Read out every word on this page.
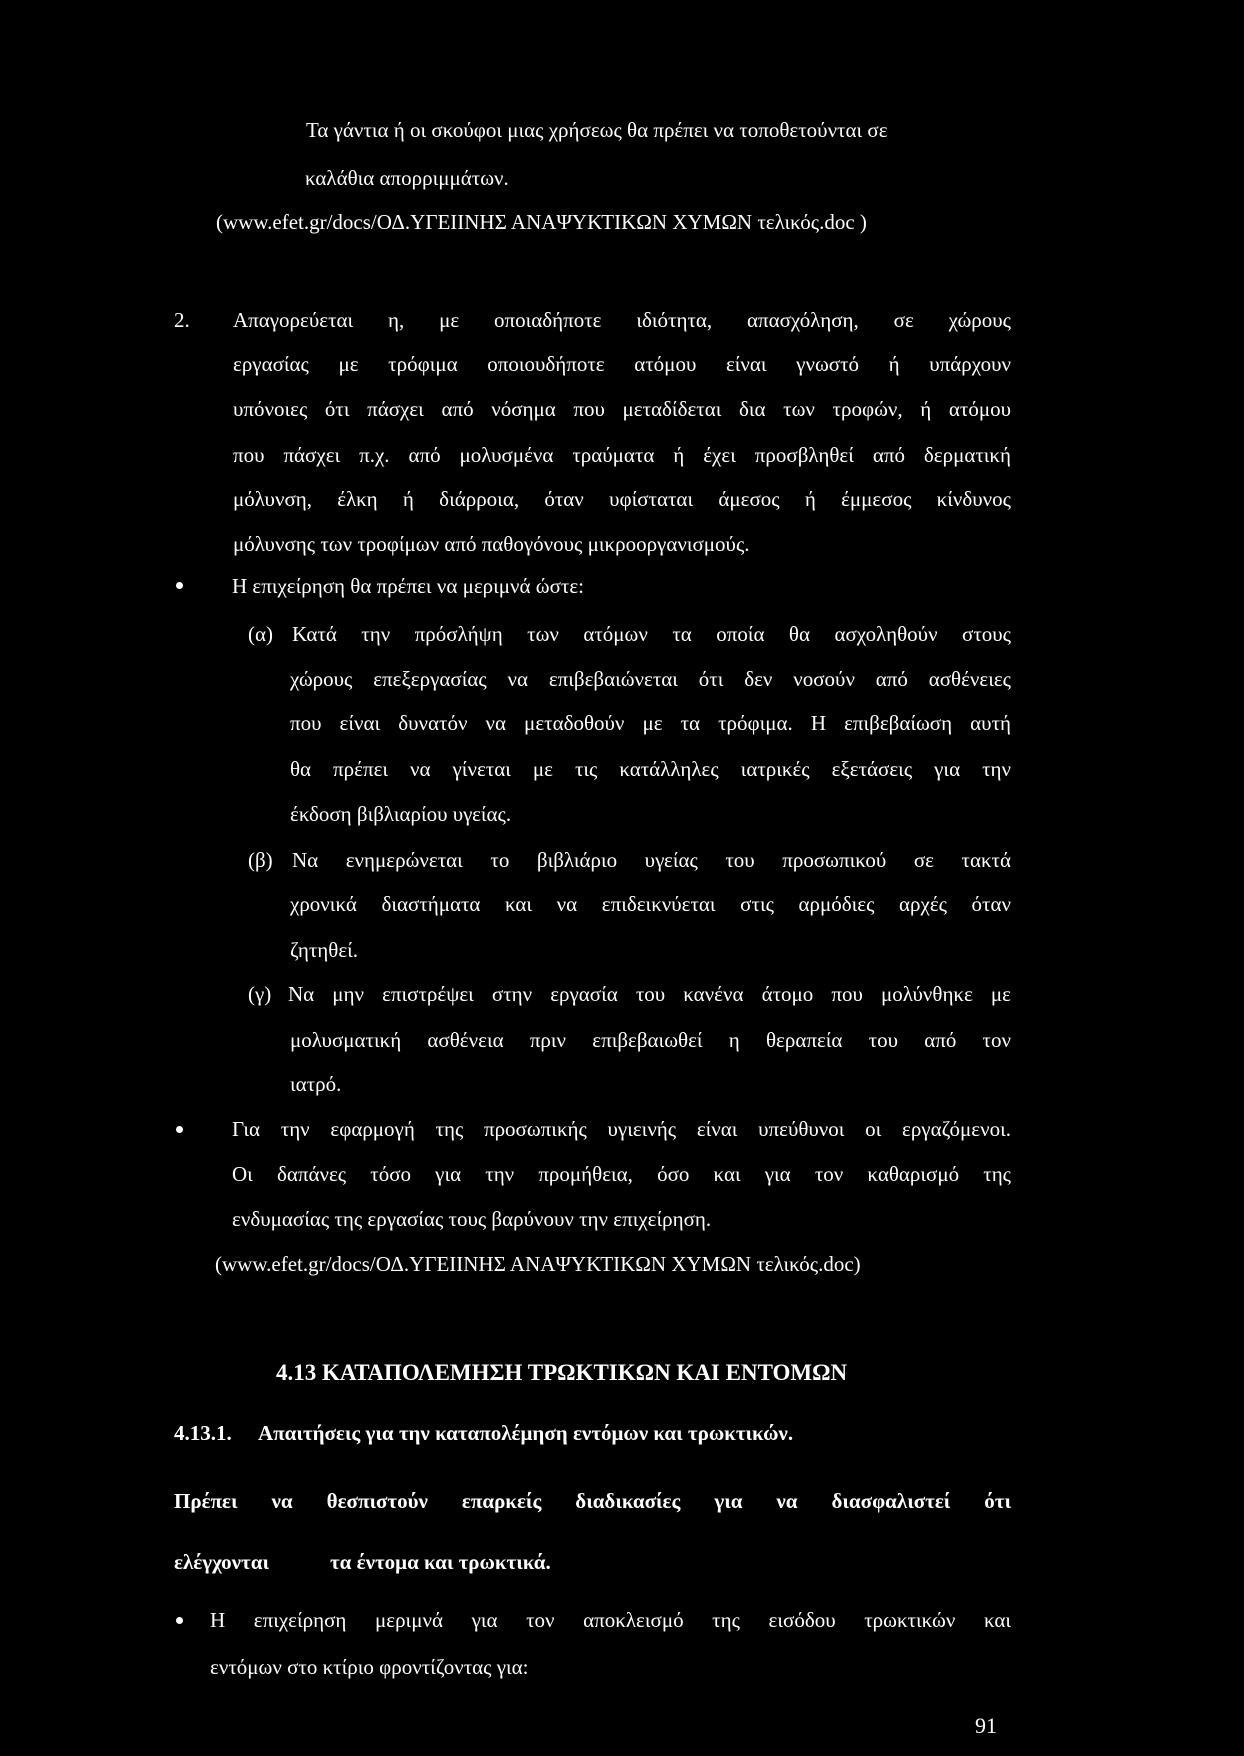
Τα γάντια ή οι σκούφοι μιας χρήσεως θα πρέπει να τοποθετούνται σε
καλάθια απορριμμάτων.
(www.efet.gr/docs/ΟΔ.ΥΓΕΙΙΝΗΣ ΑΝΑΨΥΚΤΙΚΩΝ ΧΥΜΩΝ τελικός.doc )
2. Απαγορεύεται η, με οποιαδήποτε ιδιότητα, απασχόληση, σε χώρους
εργασίας με τρόφιμα οποιουδήποτε ατόμου είναι γνωστό ή υπάρχουν
υπόνοιες ότι πάσχει από νόσημα που μεταδίδεται δια των τροφών, ή ατόμου
που πάσχει π.χ. από μολυσμένα τραύματα ή έχει προσβληθεί από δερματική
μόλυνση, έλκη ή διάρροια, όταν υφίσταται άμεσος ή έμμεσος κίνδυνος
μόλυνσης των τροφίμων από παθογόνους μικροοργανισμούς.
Η επιχείρηση θα πρέπει να μεριμνά ώστε:
(α) Κατά την πρόσλήψη των ατόμων τα οποία θα ασχοληθούν στους
χώρους επεξεργασίας να επιβεβαιώνεται ότι δεν νοσούν από ασθένειες
που είναι δυνατόν να μεταδοθούν με τα τρόφιμα. Η επιβεβαίωση αυτή
θα πρέπει να γίνεται με τις κατάλληλες ιατρικές εξετάσεις για την
έκδοση βιβλιαρίου υγείας.
(β) Να ενημερώνεται το βιβλιάριο υγείας του προσωπικού σε τακτά
χρονικά διαστήματα και να επιδεικνύεται στις αρμόδιες αρχές όταν
ζητηθεί.
(γ) Να μην επιστρέψει στην εργασία του κανένα άτομο που μολύνθηκε με
μολυσματική ασθένεια πριν επιβεβαιωθεί η θεραπεία του από τον
ιατρό.
Για την εφαρμογή της προσωπικής υγιεινής είναι υπεύθυνοι οι εργαζόμενοι.
Οι δαπάνες τόσο για την προμήθεια, όσο και για τον καθαρισμό της
ενδυμασίας της εργασίας τους βαρύνουν την επιχείρηση.
(www.efet.gr/docs/ΟΔ.ΥΓΕΙΙΝΗΣ ΑΝΑΨΥΚΤΙΚΩΝ ΧΥΜΩΝ τελικός.doc)
4.13 ΚΑΤΑΠΟΛΕΜΗΣΗ ΤΡΩΚΤΙΚΩΝ ΚΑΙ ΕΝΤΟΜΩΝ
4.13.1. Απαιτήσεις για την καταπολέμηση εντόμων και τρωκτικών.
Πρέπει να θεσπιστούν επαρκείς διαδικασίες για να διασφαλιστεί ότι
ελέγχονται	τα έντομα και τρωκτικά.
Η επιχείρηση μεριμνά για τον αποκλεισμό της εισόδου τρωκτικών και
εντόμων στο κτίριο φροντίζοντας για:
91
